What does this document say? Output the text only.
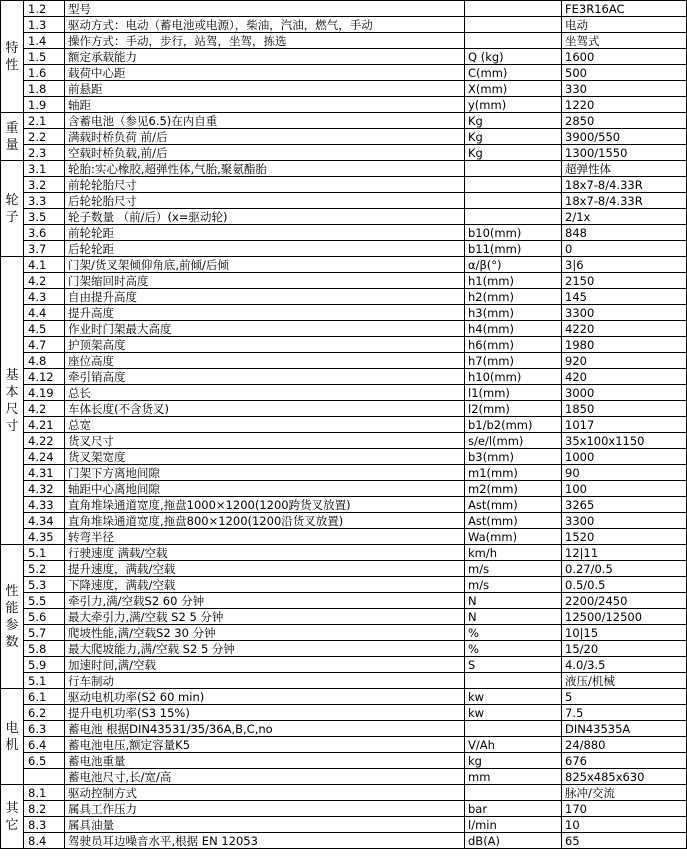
特性	1.2	型号		FE3R16AC
	1.3	驱动方式：电动（蓄电池或电源），柴油，汽油，燃气，手动		电动
	1.4	操作方式：手动，步行，站驾，坐驾，拣选		坐驾式
	1.5	额定承载能力	Q (kg)	1600
	1.6	载荷中心距	C(mm)	500
	1.8	前悬距	X(mm)	330
	1.9	轴距	y(mm)	1220
重量	2.1	含蓄电池（参见6.5)在内自重	Kg	2850
	2.2	满载时桥负荷 前/后	Kg	3900/550
	2.3	空载时桥负载,前/后	Kg	1300/1550
轮子	3.1	轮胎:实心橡胶,超弹性体,气胎,聚氨酯胎		超弹性体
	3.2	前轮轮胎尺寸		18x7-8/4.33R
	3.3	后轮轮胎尺寸		18x7-8/4.33R
	3.5	轮子数量 （前/后）(x=驱动轮)		2/1x
	3.6	前轮轮距	b10(mm)	848
	3.7	后轮轮距	b11(mm)	0
基本尺寸	4.1	门架/货叉架倾仰角底,前倾/后倾	α/β(°)	3|6
	4.2	门架缩回时高度	h1(mm)	2150
	4.3	自由提升高度	h2(mm)	145
	4.4	提升高度	h3(mm)	3300
	4.5	作业时门架最大高度	h4(mm)	4220
	4.7	护顶架高度	h6(mm)	1980
	4.8	座位高度	h7(mm)	920
	4.12	牵引销高度	h10(mm)	420
	4.19	总长	l1(mm)	3000
	4.2	车体长度(不含货叉)	l2(mm)	1850
	4.21	总宽	b1/b2(mm)	1017
	4.22	货叉尺寸	s/e/l(mm)	35x100x1150
	4.24	货叉架宽度	b3(mm)	1000
	4.31	门架下方离地间隙	m1(mm)	90
	4.32	轴距中心离地间隙	m2(mm)	100
	4.33	直角堆垛通道宽度,拖盘1000×1200(1200跨货叉放置)	Ast(mm)	3265
	4.34	直角堆垛通道宽度,拖盘800×1200(1200沿货叉放置)	Ast(mm)	3300
	4.35	转弯半径	Wa(mm)	1520
性能参数	5.1	行驶速度 满载/空载	km/h	12|11
	5.2	提升速度，满载/空载	m/s	0.27/0.5
	5.3	下降速度，满载/空载	m/s	0.5/0.5
	5.5	牵引力,满/空载S2 60 分钟	N	2200/2450
	5.6	最大牵引力,满/空载 S2 5 分钟	N	12500/12500
	5.7	爬坡性能,满/空载S2 30 分钟	%	10|15
	5.8	最大爬坡能力,满/空载 S2 5 分钟	%	15/20
	5.9	加速时间,满/空载	S	4.0/3.5
	5.1	行车制动		液压/机械
电机	6.1	驱动电机功率(S2 60 min)	kw	5
	6.2	提升电机功率(S3 15%)	kw	7.5
	6.3	蓄电池 根据DIN43531/35/36A,B,C,no		DIN43535A
	6.4	蓄电池电压,额定容量K5	V/Ah	24/880
	6.5	蓄电池重量	kg	676
		蓄电池尺寸,长/宽/高	mm	825x485x630
其它	8.1	驱动控制方式		脉冲/交流
	8.2	属具工作压力	bar	170
	8.3	属具油量	l/min	10
	8.4	驾驶员耳边噪音水平,根据 EN 12053	dB(A)	65
